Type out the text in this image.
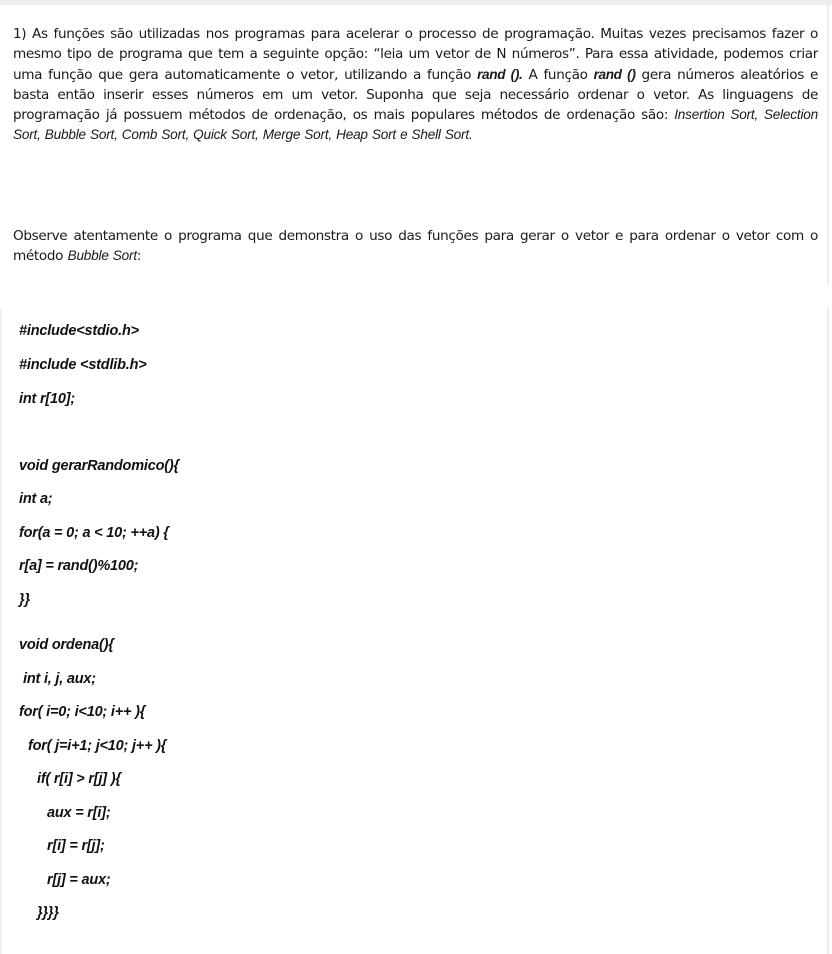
1) As funções são utilizadas nos programas para acelerar o processo de programação. Muitas vezes precisamos fazer o mesmo tipo de programa que tem a seguinte opção: “leia um vetor de N números”. Para essa atividade, podemos criar uma função que gera automaticamente o vetor, utilizando a função rand (). A função rand () gera números aleatórios e basta então inserir esses números em um vetor. Suponha que seja necessário ordenar o vetor. As linguagens de programação já possuem métodos de ordenação, os mais populares métodos de ordenação são: Insertion Sort, Selection Sort, Bubble Sort, Comb Sort, Quick Sort, Merge Sort, Heap Sort e Shell Sort.
Observe atentamente o programa que demonstra o uso das funções para gerar o vetor e para ordenar o vetor com o método Bubble Sort:
#include<stdio.h>
#include <stdlib.h>
int r[10];
void gerarRandomico(){
int a;
for(a = 0; a < 10; ++a) {
r[a] = rand()%100;
}}
void ordena(){
int i, j, aux;
for( i=0; i<10; i++ ){
for( j=i+1; j<10; j++ ){
if( r[i] > r[j] ){
aux = r[i];
r[i] = r[j];
r[j] = aux;
}}}}
